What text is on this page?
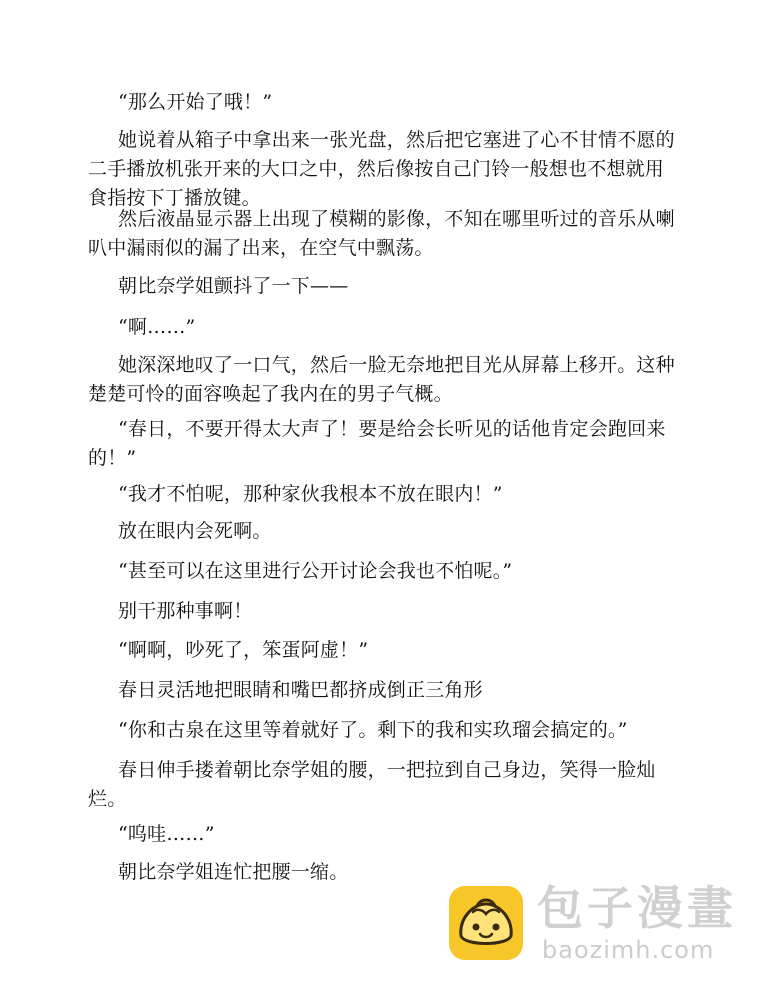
“那么开始了哦！”

她说着从箱子中拿出来一张光盘，然后把它塞进了心不甘情不愿的二手播放机张开来的大口之中，然后像按自己门铃一般想也不想就用食指按下丁播放键。

然后液晶显示器上出现了模糊的影像，不知在哪里听过的音乐从喇叭中漏雨似的漏了出来，在空气中飘荡。

朝比奈学姐颤抖了一下——

“啊……”

她深深地叹了一口气，然后一脸无奈地把目光从屏幕上移开。这种楚楚可怜的面容唤起了我内在的男子气概。

“春日，不要开得太大声了！要是给会长听见的话他肯定会跑回来的！”

“我才不怕呢，那种家伙我根本不放在眼内！”

放在眼内会死啊。

“甚至可以在这里进行公开讨论会我也不怕呢。”

别干那种事啊！

“啊啊，吵死了，笨蛋阿虚！”

春日灵活地把眼睛和嘴巴都挤成倒正三角形

“你和古泉在这里等着就好了。剩下的我和实玖瑠会搞定的。”

春日伸手搂着朝比奈学姐的腰，一把拉到自己身边，笑得一脸灿烂。

“呜哇……”

朝比奈学姐连忙把腰一缩。

包子漫畫
baozimh.com
